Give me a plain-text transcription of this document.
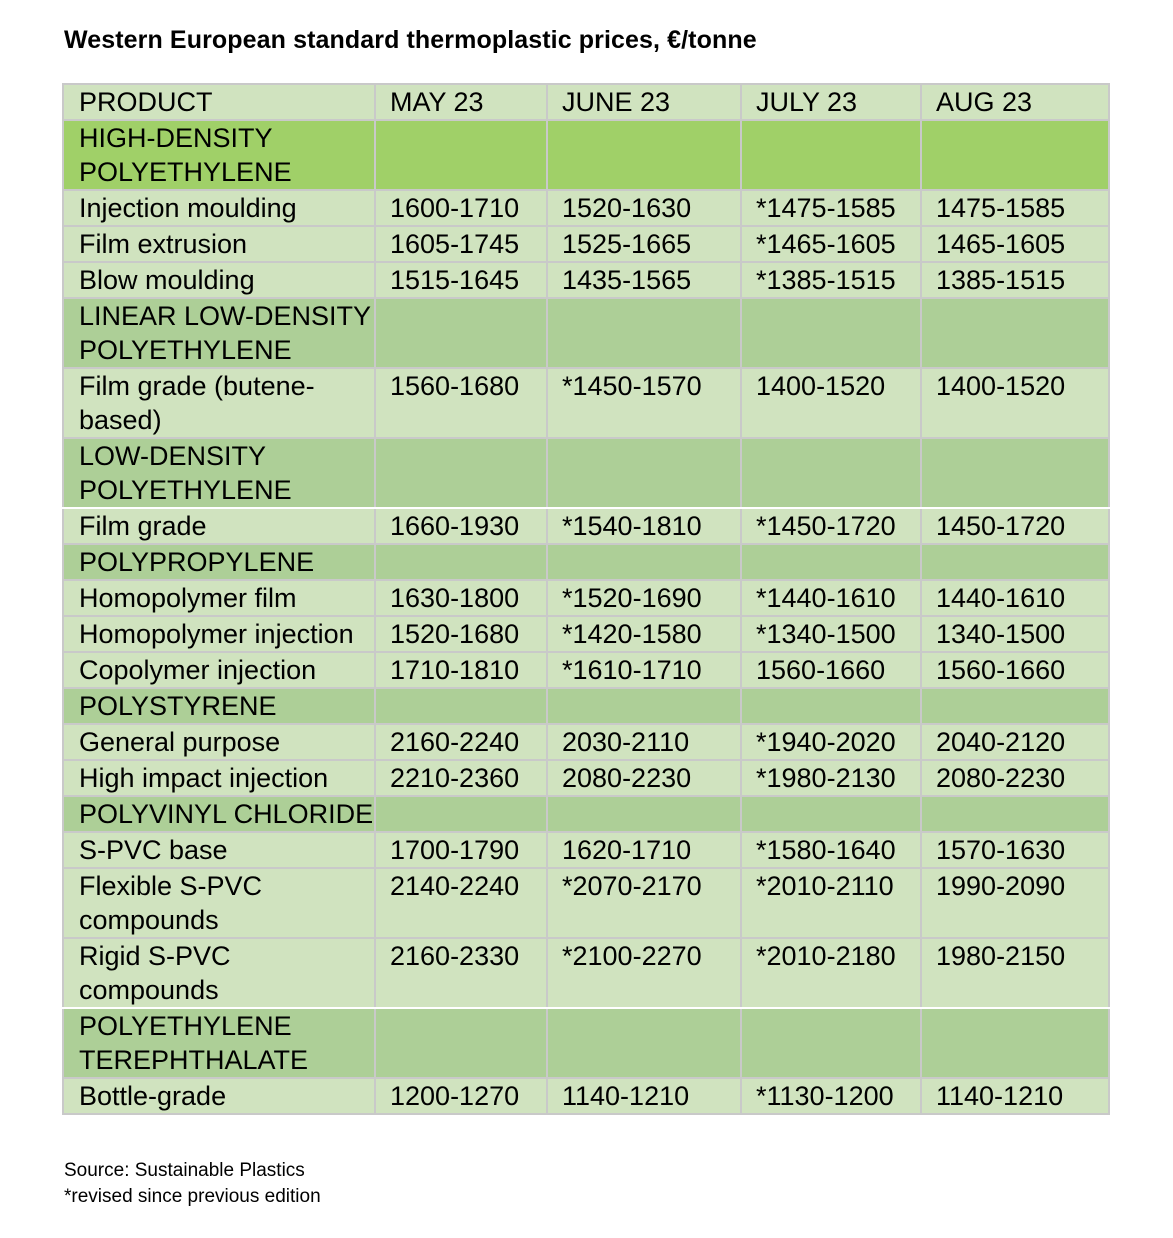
Western European standard thermoplastic prices, €/tonne
PRODUCT	MAY 23	JUNE 23	JULY 23	AUG 23
HIGH-DENSITY POLYETHYLENE				
Injection moulding	1600-1710	1520-1630	*1475-1585	1475-1585
Film extrusion	1605-1745	1525-1665	*1465-1605	1465-1605
Blow moulding	1515-1645	1435-1565	*1385-1515	1385-1515
LINEAR LOW-DENSITY POLYETHYLENE				
Film grade (butene-based)	1560-1680	*1450-1570	1400-1520	1400-1520
LOW-DENSITY POLYETHYLENE				
Film grade	1660-1930	*1540-1810	*1450-1720	1450-1720
POLYPROPYLENE				
Homopolymer film	1630-1800	*1520-1690	*1440-1610	1440-1610
Homopolymer injection	1520-1680	*1420-1580	*1340-1500	1340-1500
Copolymer injection	1710-1810	*1610-1710	1560-1660	1560-1660
POLYSTYRENE				
General purpose	2160-2240	2030-2110	*1940-2020	2040-2120
High impact injection	2210-2360	2080-2230	*1980-2130	2080-2230
POLYVINYL CHLORIDE				
S-PVC base	1700-1790	1620-1710	*1580-1640	1570-1630
Flexible S-PVC compounds	2140-2240	*2070-2170	*2010-2110	1990-2090
Rigid S-PVC compounds	2160-2330	*2100-2270	*2010-2180	1980-2150
POLYETHYLENE TEREPHTHALATE				
Bottle-grade	1200-1270	1140-1210	*1130-1200	1140-1210
Source: Sustainable Plastics
*revised since previous edition
